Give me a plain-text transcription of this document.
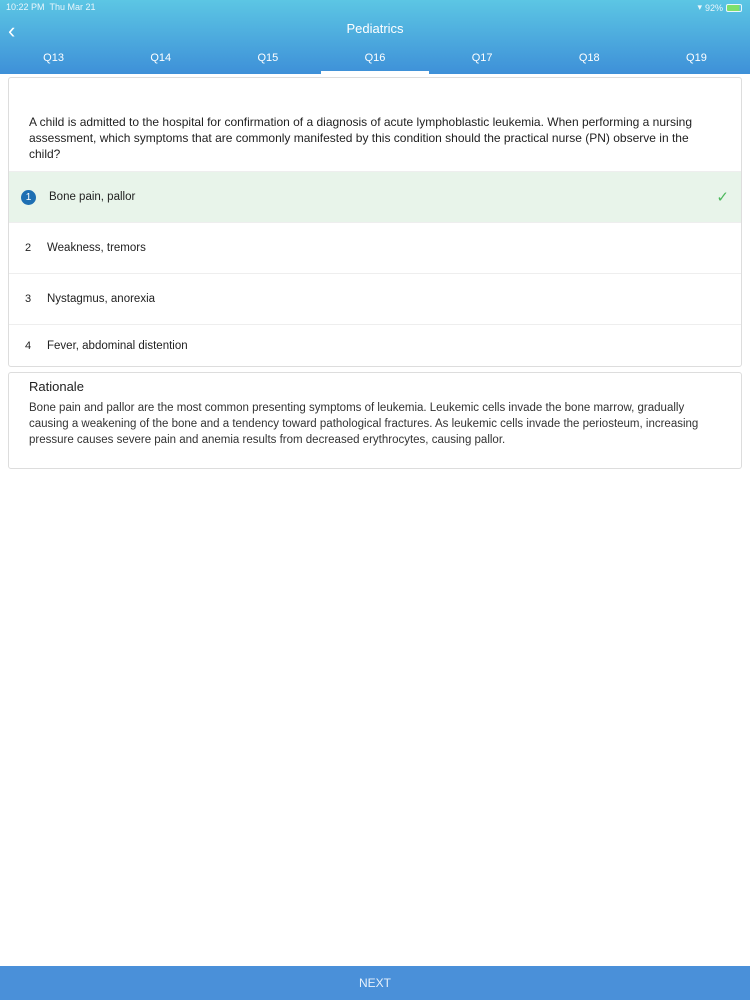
10:22 PM Thu Mar 21	▾ 92%
‹	Pediatrics
Q13	Q14	Q15	Q16	Q17	Q18	Q19
A child is admitted to the hospital for confirmation of a diagnosis of acute lymphoblastic leukemia. When performing a nursing assessment, which symptoms that are commonly manifested by this condition should the practical nurse (PN) observe in the child?
1	Bone pain, pallor	✓
2	Weakness, tremors
3	Nystagmus, anorexia
4	Fever, abdominal distention
Rationale

Bone pain and pallor are the most common presenting symptoms of leukemia. Leukemic cells invade the bone marrow, gradually causing a weakening of the bone and a tendency toward pathological fractures. As leukemic cells invade the periosteum, increasing pressure causes severe pain and anemia results from decreased erythrocytes, causing pallor.

NEXT
